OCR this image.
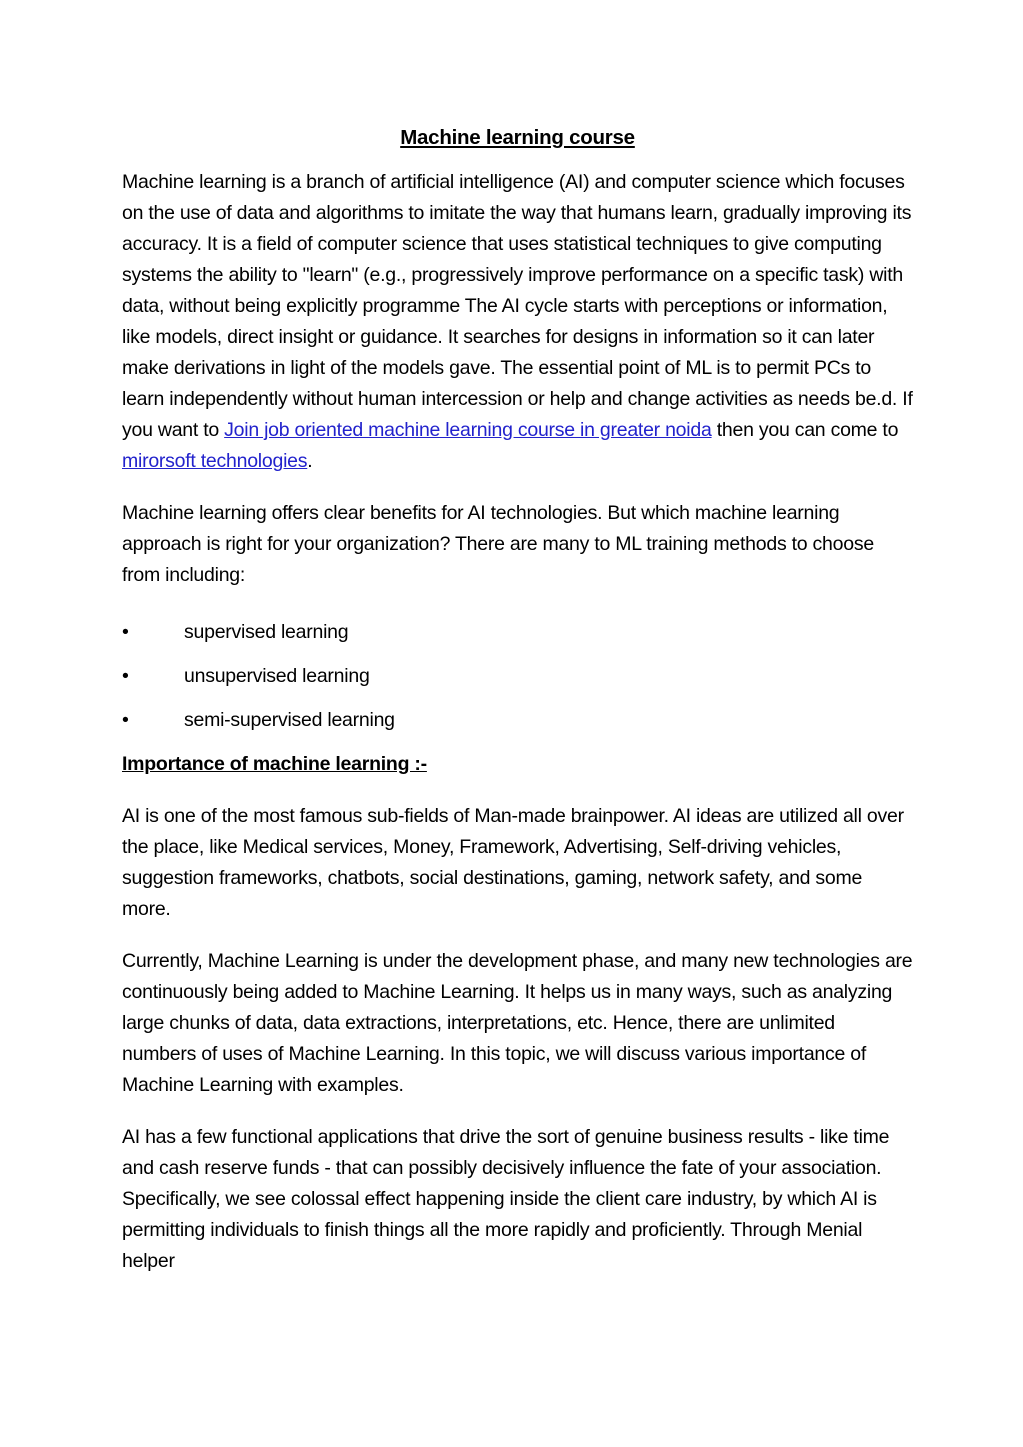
Machine learning course

Machine learning is a branch of artificial intelligence (AI) and computer science which focuses on the use of data and algorithms to imitate the way that humans learn, gradually improving its accuracy. It is a field of computer science that uses statistical techniques to give computing systems the ability to "learn" (e.g., progressively improve performance on a specific task) with data, without being explicitly programme The AI cycle starts with perceptions or information, like models, direct insight or guidance. It searches for designs in information so it can later make derivations in light of the models gave. The essential point of ML is to permit PCs to learn independently without human intercession or help and change activities as needs be.d. If you want to Join job oriented machine learning course in greater noida then you can come to mirorsoft technologies.

Machine learning offers clear benefits for AI technologies. But which machine learning approach is right for your organization? There are many to ML training methods to choose from including:

•	supervised learning
•	unsupervised learning
•	semi-supervised learning
Importance of machine learning :-

AI is one of the most famous sub-fields of Man-made brainpower. AI ideas are utilized all over the place, like Medical services, Money, Framework, Advertising, Self-driving vehicles, suggestion frameworks, chatbots, social destinations, gaming, network safety, and some more.

Currently, Machine Learning is under the development phase, and many new technologies are continuously being added to Machine Learning. It helps us in many ways, such as analyzing large chunks of data, data extractions, interpretations, etc. Hence, there are unlimited numbers of uses of Machine Learning. In this topic, we will discuss various importance of Machine Learning with examples.

AI has a few functional applications that drive the sort of genuine business results - like time and cash reserve funds - that can possibly decisively influence the fate of your association. Specifically, we see colossal effect happening inside the client care industry, by which AI is permitting individuals to finish things all the more rapidly and proficiently. Through Menial helper
